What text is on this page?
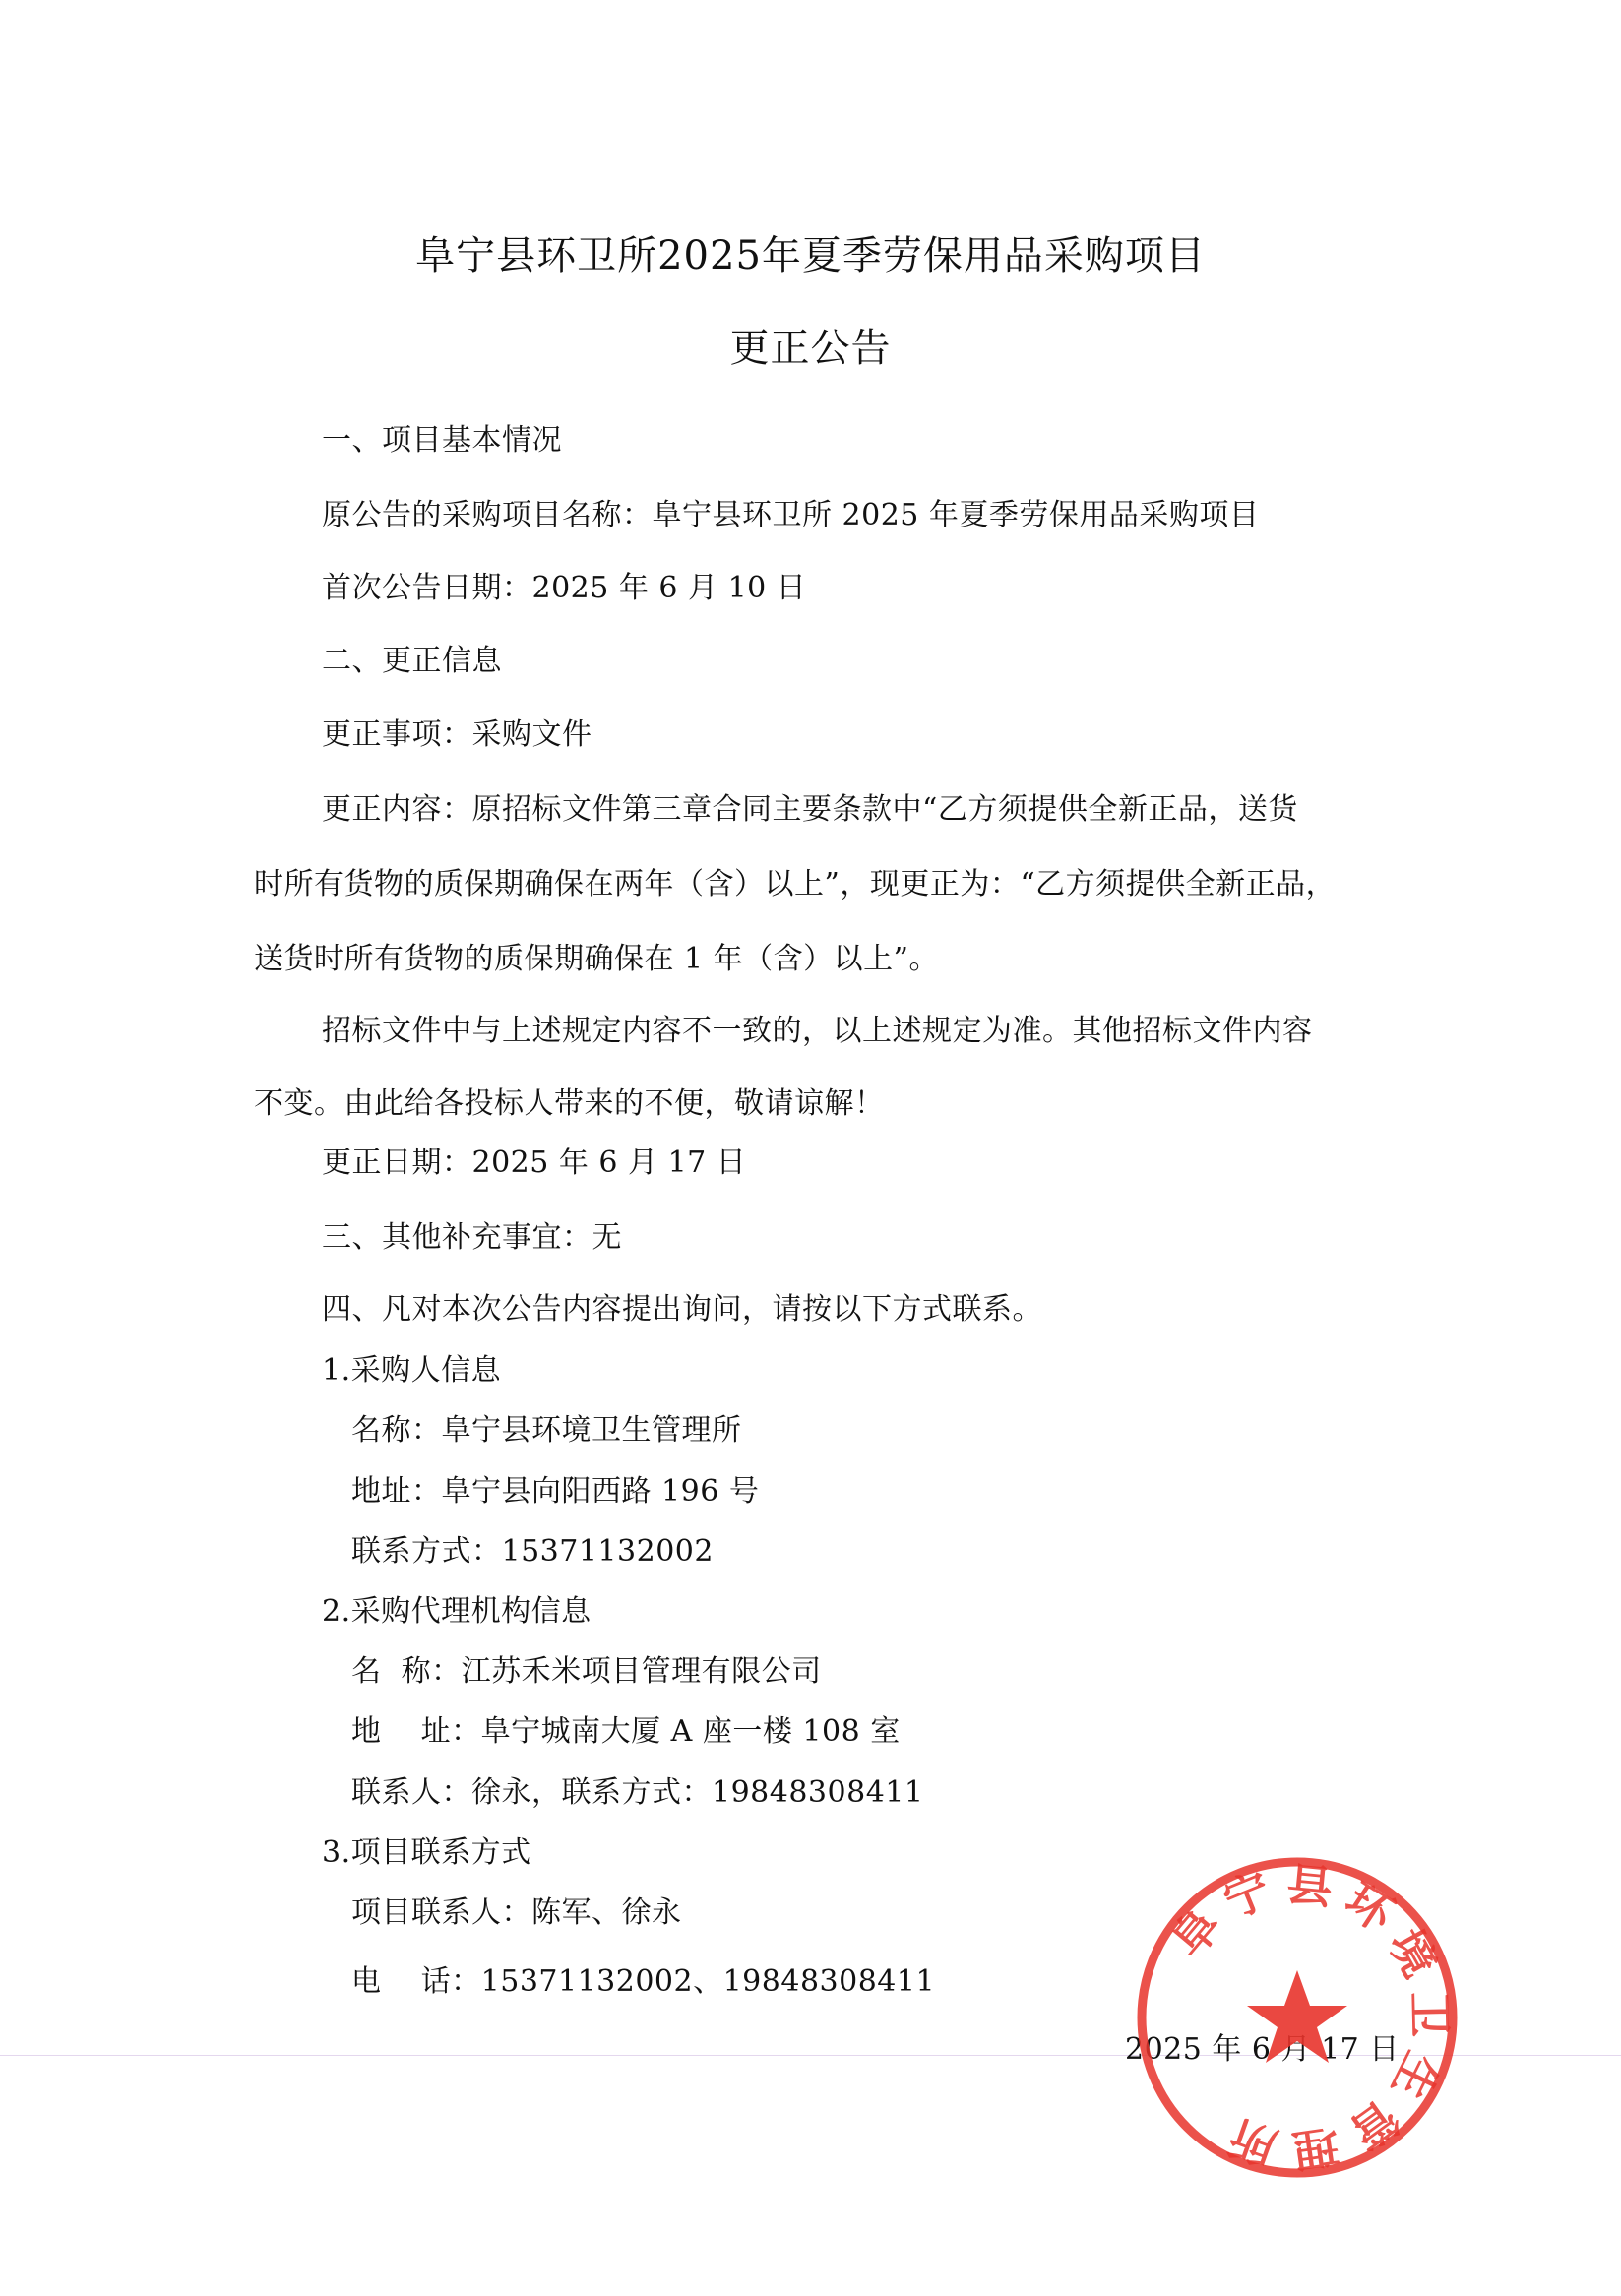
阜宁县环卫所2025年夏季劳保用品采购项目
更正公告
一、项目基本情况
原公告的采购项目名称：阜宁县环卫所 2025 年夏季劳保用品采购项目
首次公告日期：2025 年 6 月 10 日
二、更正信息
更正事项：采购文件
更正内容：原招标文件第三章合同主要条款中“乙方须提供全新正品，送货
时所有货物的质保期确保在两年（含）以上”，现更正为：“乙方须提供全新正品，
送货时所有货物的质保期确保在 1 年（含）以上”。
招标文件中与上述规定内容不一致的，以上述规定为准。其他招标文件内容
不变。由此给各投标人带来的不便，敬请谅解！
更正日期：2025 年 6 月 17 日
三、其他补充事宜：无
四、凡对本次公告内容提出询问，请按以下方式联系。
1.采购人信息
名称：阜宁县环境卫生管理所
地址：阜宁县向阳西路 196 号
联系方式：15371132002
2.采购代理机构信息
名  称：江苏禾米项目管理有限公司
地    址：阜宁城南大厦 A 座一楼 108 室
联系人：徐永，联系方式：19848308411
3.项目联系方式
项目联系人：陈军、徐永
电    话：15371132002、19848308411
2025 年 6 月 17 日
阜宁县环境卫生管理所
